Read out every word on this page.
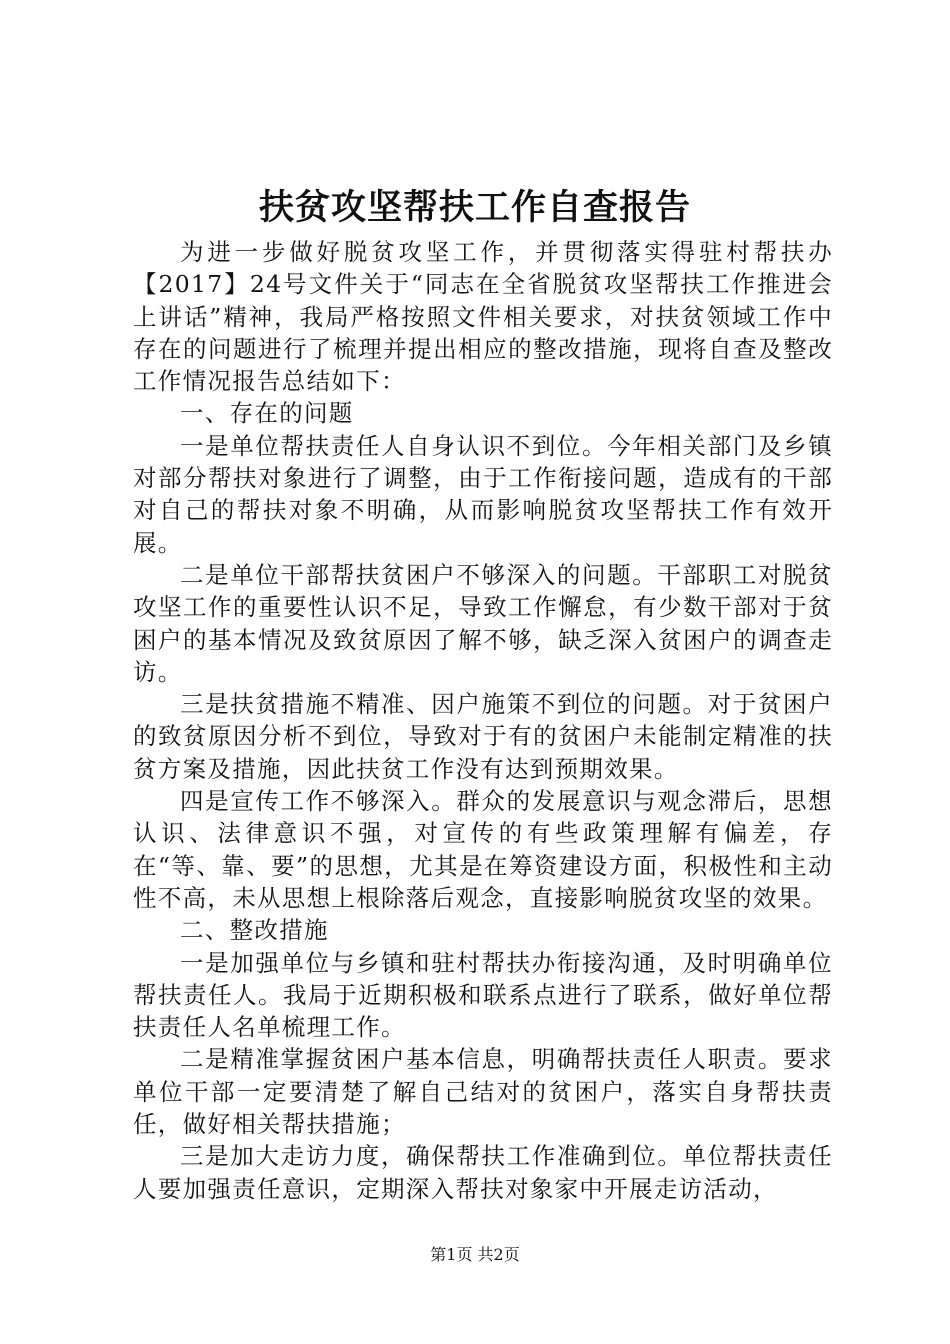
扶贫攻坚帮扶工作自查报告

为进一步做好脱贫攻坚工作，并贯彻落实得驻村帮扶办【2017】24号文件关于“同志在全省脱贫攻坚帮扶工作推进会上讲话”精神，我局严格按照文件相关要求，对扶贫领域工作中存在的问题进行了梳理并提出相应的整改措施，现将自查及整改工作情况报告总结如下：

一、存在的问题

一是单位帮扶责任人自身认识不到位。今年相关部门及乡镇对部分帮扶对象进行了调整，由于工作衔接问题，造成有的干部对自己的帮扶对象不明确，从而影响脱贫攻坚帮扶工作有效开展。

二是单位干部帮扶贫困户不够深入的问题。干部职工对脱贫攻坚工作的重要性认识不足，导致工作懈怠，有少数干部对于贫困户的基本情况及致贫原因了解不够，缺乏深入贫困户的调查走访。

三是扶贫措施不精准、因户施策不到位的问题。对于贫困户的致贫原因分析不到位，导致对于有的贫困户未能制定精准的扶贫方案及措施，因此扶贫工作没有达到预期效果。

四是宣传工作不够深入。群众的发展意识与观念滞后，思想认识、法律意识不强，对宣传的有些政策理解有偏差，存在“等、靠、要”的思想，尤其是在筹资建设方面，积极性和主动性不高，未从思想上根除落后观念，直接影响脱贫攻坚的效果。

二、整改措施

一是加强单位与乡镇和驻村帮扶办衔接沟通，及时明确单位帮扶责任人。我局于近期积极和联系点进行了联系，做好单位帮扶责任人名单梳理工作。

二是精准掌握贫困户基本信息，明确帮扶责任人职责。要求单位干部一定要清楚了解自己结对的贫困户，落实自身帮扶责任，做好相关帮扶措施；

三是加大走访力度，确保帮扶工作准确到位。单位帮扶责任人要加强责任意识，定期深入帮扶对象家中开展走访活动，

第1页 共2页
